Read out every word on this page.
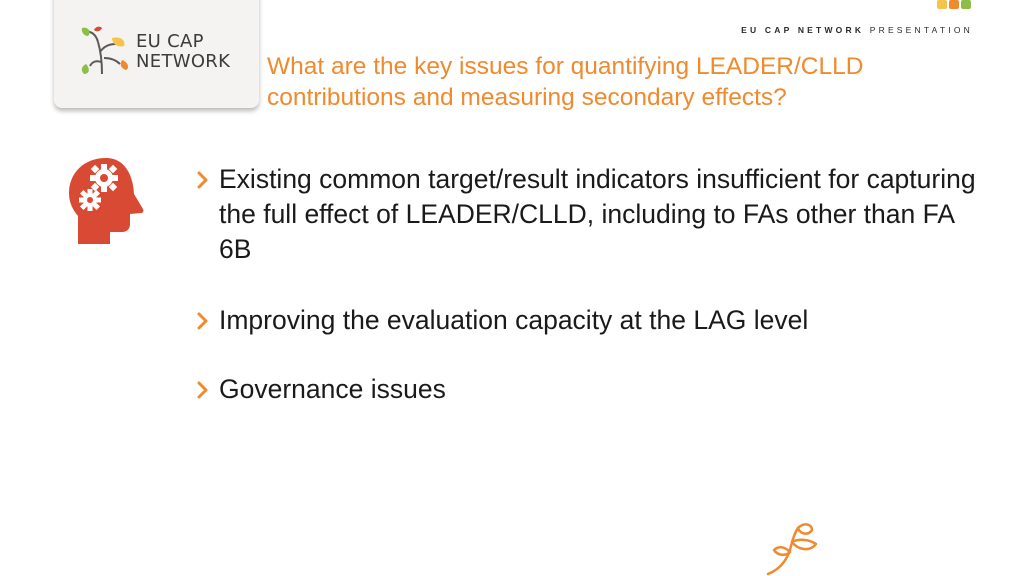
EU CAP
NETWORK
EU CAP NETWORK PRESENTATION
What are the key issues for quantifying LEADER/CLLD
contributions and measuring secondary effects?
Existing common target/result indicators insufficient for capturing the full effect of LEADER/CLLD, including to FAs other than FA 6B
Improving the evaluation capacity at the LAG level
Governance issues
